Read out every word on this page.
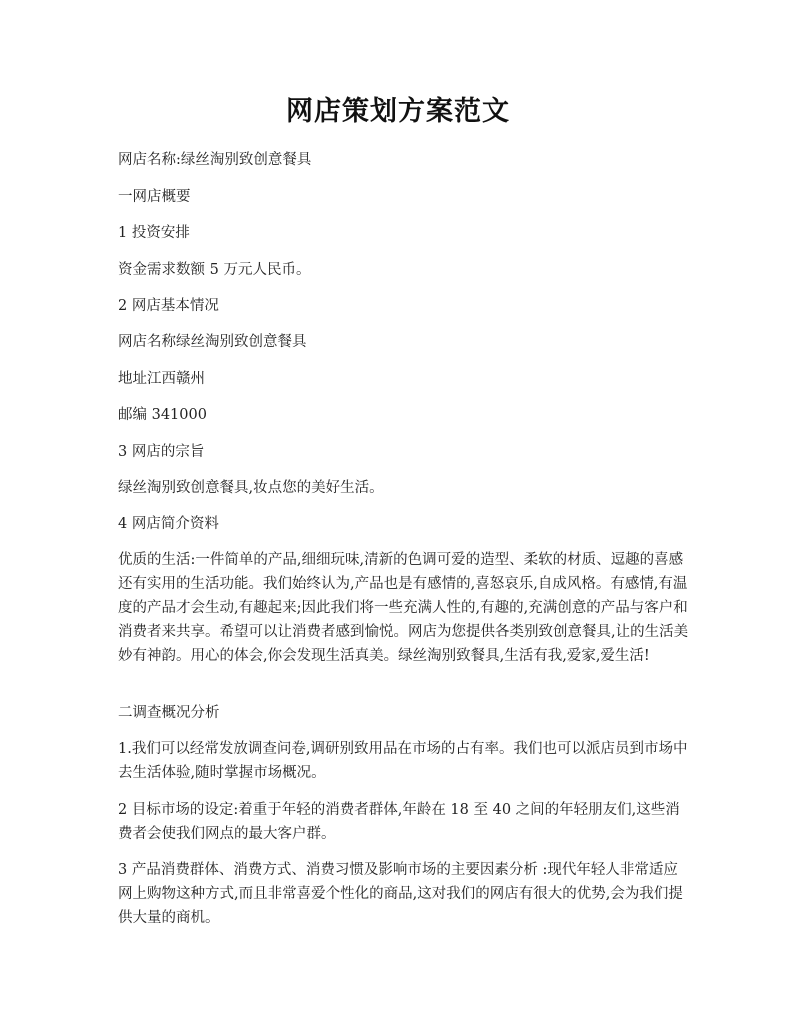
网店策划方案范文

网店名称:绿丝淘别致创意餐具

一网店概要

1 投资安排

资金需求数额 5 万元人民币。

2 网店基本情况

网店名称绿丝淘别致创意餐具

地址江西赣州

邮编 341000

3 网店的宗旨

绿丝淘别致创意餐具,妆点您的美好生活。

4 网店简介资料

优质的生活:一件简单的产品,细细玩味,清新的色调可爱的造型、柔软的材质、逗趣的喜感还有实用的生活功能。我们始终认为,产品也是有感情的,喜怒哀乐,自成风格。有感情,有温度的产品才会生动,有趣起来;因此我们将一些充满人性的,有趣的,充满创意的产品与客户和消费者来共享。希望可以让消费者感到愉悦。网店为您提供各类别致创意餐具,让的生活美妙有神韵。用心的体会,你会发现生活真美。绿丝淘别致餐具,生活有我,爱家,爱生活!

二调查概况分析

1.我们可以经常发放调查问卷,调研别致用品在市场的占有率。我们也可以派店员到市场中去生活体验,随时掌握市场概况。

2 目标市场的设定:着重于年轻的消费者群体,年龄在 18 至 40 之间的年轻朋友们,这些消费者会使我们网点的最大客户群。

3 产品消费群体、消费方式、消费习惯及影响市场的主要因素分析 :现代年轻人非常适应网上购物这种方式,而且非常喜爱个性化的商品,这对我们的网店有很大的优势,会为我们提供大量的商机。
